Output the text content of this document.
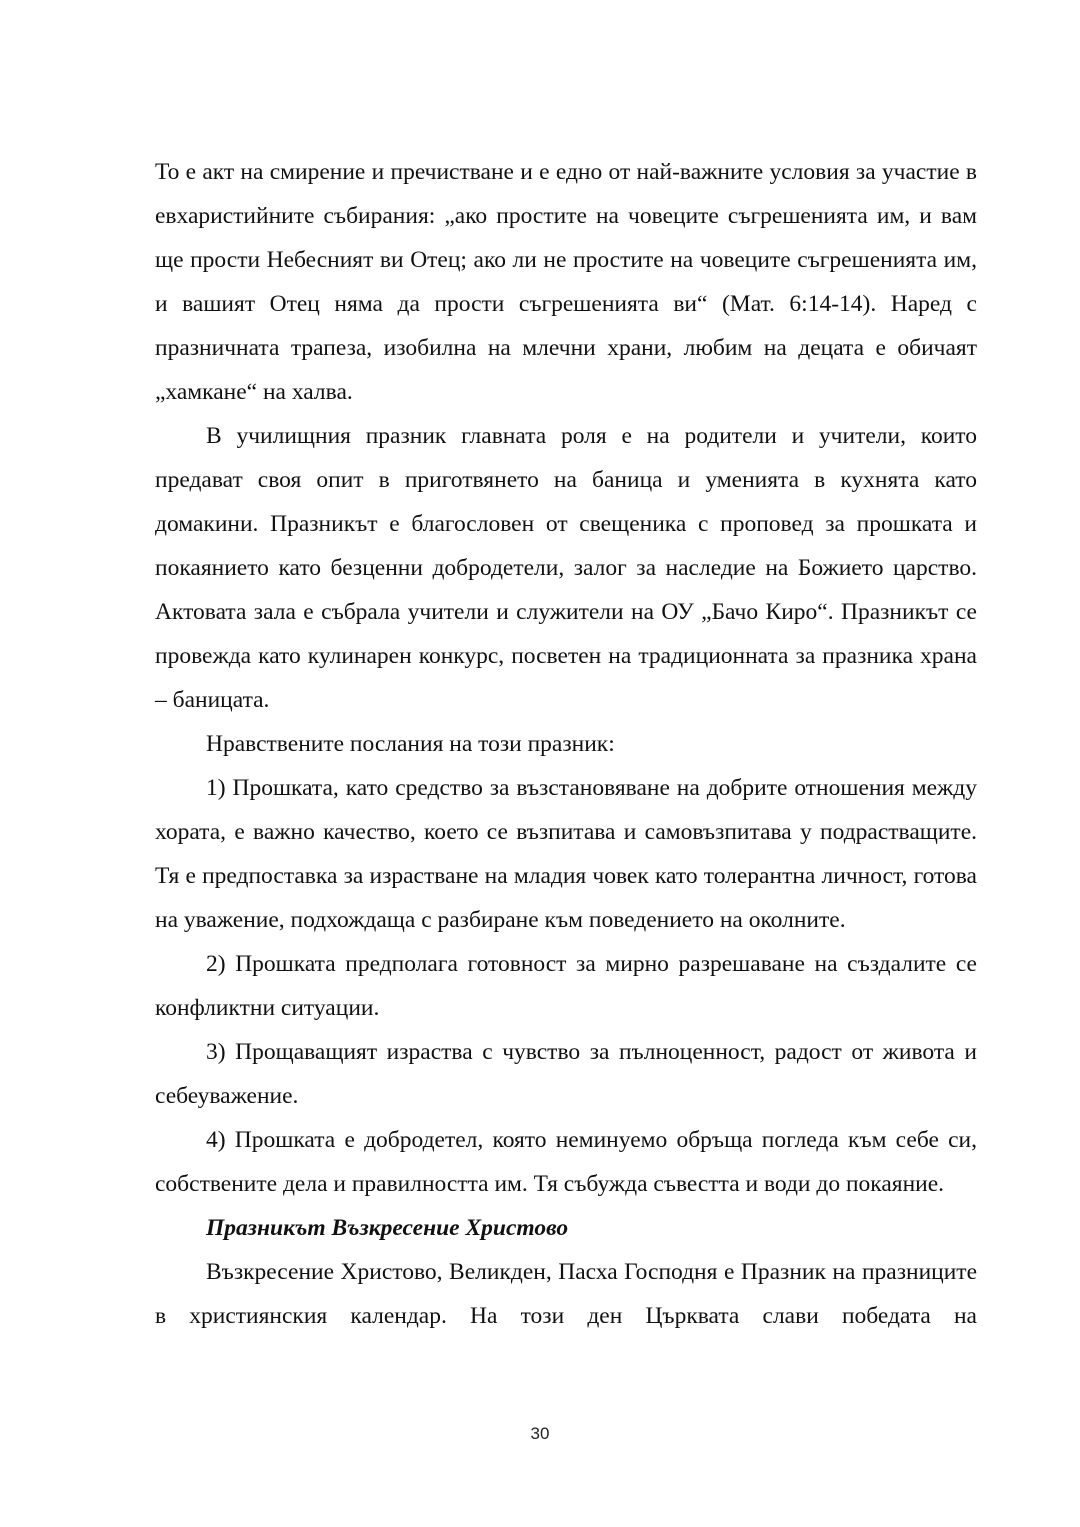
То е акт на смирение и пречистване и е едно от най-важните условия за участие в евхаристийните събирания: „ако простите на човеците съгрешенията им, и вам ще прости Небесният ви Отец; ако ли не простите на човеците съгрешенията им, и вашият Отец няма да прости съгрешенията ви“ (Мат. 6:14-14). Наред с празничната трапеза, изобилна на млечни храни, любим на децата е обичаят „хамкане“ на халва.

В училищния празник главната роля е на родители и учители, които предават своя опит в приготвянето на баница и уменията в кухнята като домакини. Празникът е благословен от свещеника с проповед за прошката и покаянието като безценни добродетели, залог за наследие на Божието царство. Актовата зала е събрала учители и служители на ОУ „Бачо Киро“. Празникът се провежда като кулинарен конкурс, посветен на традиционната за празника храна – баницата.

Нравствените послания на този празник:

1) Прошката, като средство за възстановяване на добрите отношения между хората, е важно качество, което се възпитава и самовъзпитава у подрастващите. Тя е предпоставка за израстване на младия човек като толерантна личност, готова на уважение, подхождаща с разбиране към поведението на околните.

2) Прошката предполага готовност за мирно разрешаване на създалите се конфликтни ситуации.

3) Прощаващият израства с чувство за пълноценност, радост от живота и себеуважение.

4) Прошката е добродетел, която неминуемо обръща погледа към себе си, собствените дела и правилността им. Тя събужда съвестта и води до покаяние.

Празникът Възкресение Христово

Възкресение Христово, Великден, Пасха Господня е Празник на празниците в християнския календар. На този ден Църквата слави победата на

30
